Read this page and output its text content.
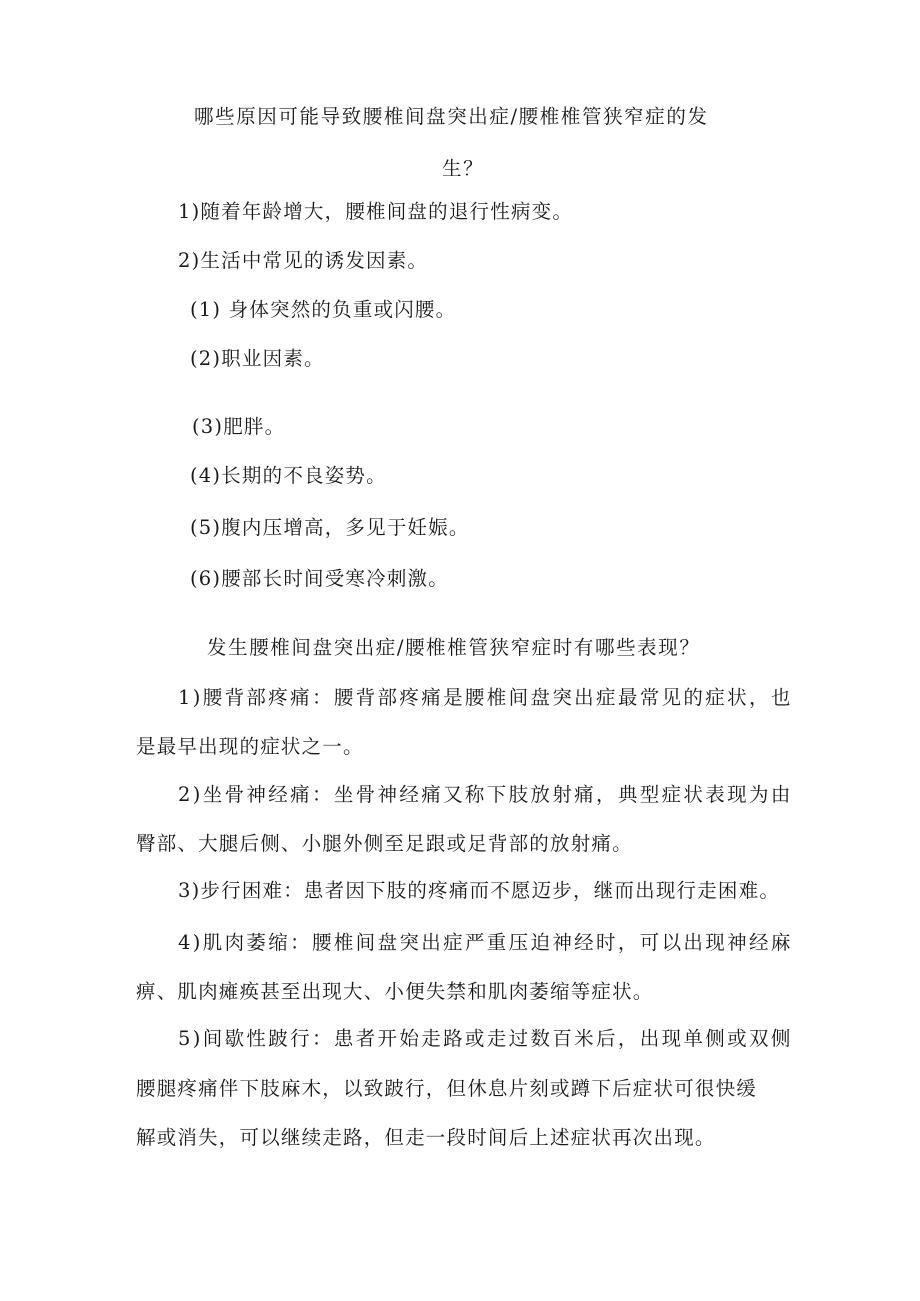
哪些原因可能导致腰椎间盘突出症/腰椎椎管狭窄症的发
生？
1)随着年龄增大，腰椎间盘的退行性病变。
2)生活中常见的诱发因素。
(1) 身体突然的负重或闪腰。
(2)职业因素。
(3)肥胖。
(4)长期的不良姿势。
(5)腹内压增高，多见于妊娠。
(6)腰部长时间受寒冷刺激。
发生腰椎间盘突出症/腰椎椎管狭窄症时有哪些表现？
1)腰背部疼痛：腰背部疼痛是腰椎间盘突出症最常见的症状，也
是最早出现的症状之一。
2)坐骨神经痛：坐骨神经痛又称下肢放射痛，典型症状表现为由
臀部、大腿后侧、小腿外侧至足跟或足背部的放射痛。
3)步行困难：患者因下肢的疼痛而不愿迈步，继而出现行走困难。
4)肌肉萎缩：腰椎间盘突出症严重压迫神经时，可以出现神经麻
痹、肌肉瘫痪甚至出现大、小便失禁和肌肉萎缩等症状。
5)间歇性跛行：患者开始走路或走过数百米后，出现单侧或双侧
腰腿疼痛伴下肢麻木，以致跛行，但休息片刻或蹲下后症状可很快缓
解或消失，可以继续走路，但走一段时间后上述症状再次出现。
